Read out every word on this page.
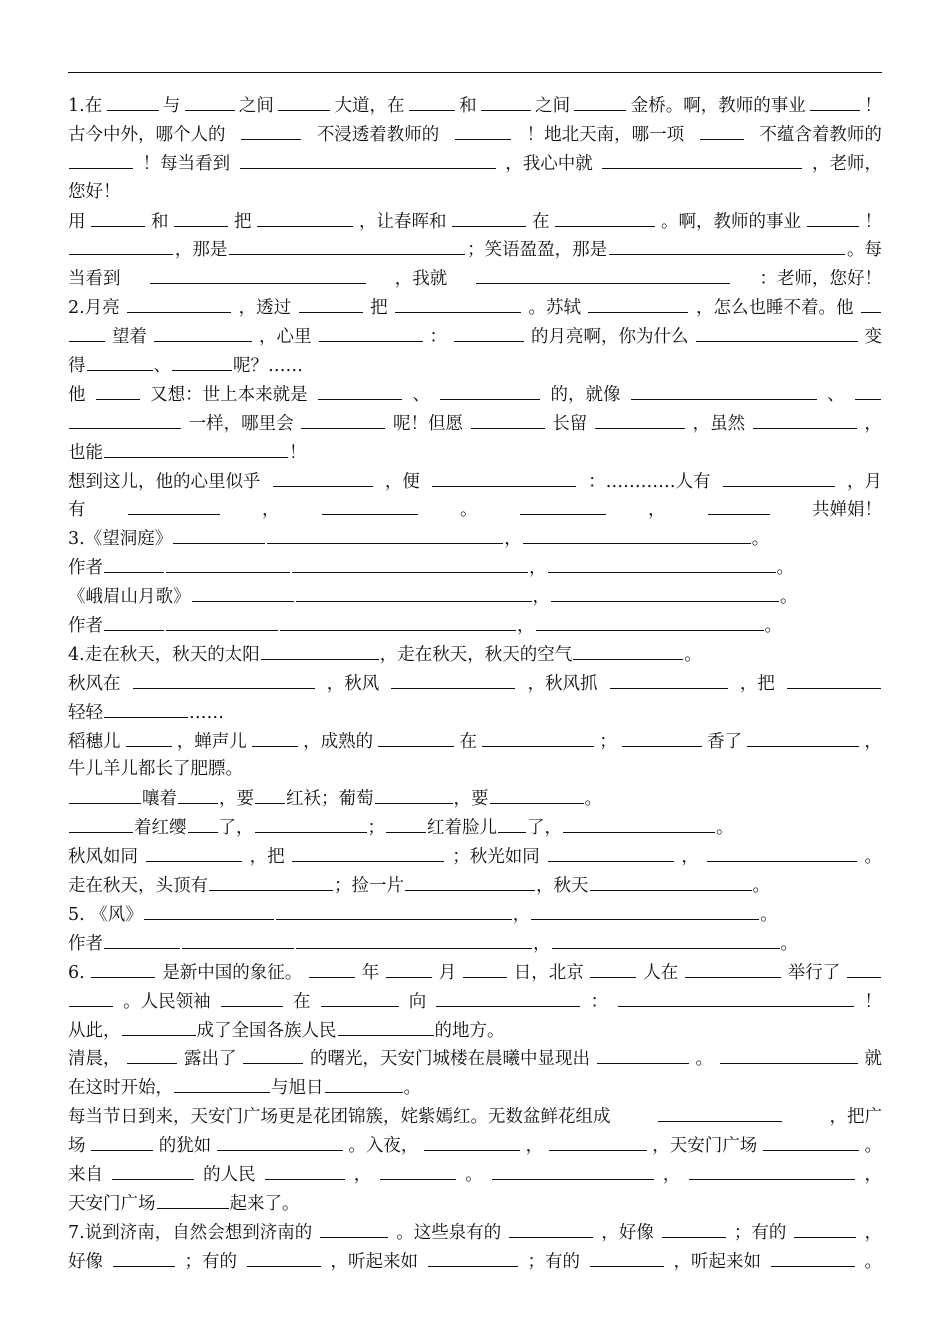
1.在	与	之间	大道，在	和	之间	金桥。啊，教师的事业	！
古今中外，哪个人的	不浸透着教师的	！地北天南，哪一项	不蕴含着教师的
！每当看到	，我心中就	，老师，
您好！
用	和	把	，让春晖和	在	。啊，教师的事业	！
，那是	；笑语盈盈，那是	。每
当看到	，我就	：老师，您好！
2.月亮	，透过	把	。苏轼	，怎么也睡不着。他
望着	，心里	：	的月亮啊，你为什么	变
得	、	呢？……
他	又想：世上本来就是	、	的，就像	、
一样，哪里会	呢！但愿	长留	，虽然	，
也能	！
想到这儿，他的心里似乎	，便	：…………人有	，月
有	，	。	，	共婵娟！
3.《望洞庭》	，	。
作者	，	。
《峨眉山月歌》	，	。
作者	，	。
4.走在秋天，秋天的太阳	，走在秋天，秋天的空气	。
秋风在	，秋风	，秋风抓	，把
轻轻	……
稻穗儿	，蝉声儿	，成熟的	在	；	香了	，
牛儿羊儿都长了肥膘。
嚷着 ，要 红袄；葡萄	，要	。
着红缨 了，	； 红着脸儿 了，	。
秋风如同	，把	；秋光如同	，	。
走在秋天，头顶有	；捡一片	，秋天	。
5. 《风》	，	。
作者	，	。
6.	是新中国的象征。	年	月	日，北京	人在	举行了
。人民领袖	在	向	：	！
从此，	成了全国各族人民	的地方。
清晨，	露出了	的曙光，天安门城楼在晨曦中显现出	。	就
在这时开始，	与旭日	。
每当节日到来，天安门广场更是花团锦簇，姹紫嫣红。无数盆鲜花组成	，把广
场	的犹如	。入夜，	，	，天安门广场	。
来自	的人民	，	。	，	，
天安门广场	起来了。
7.说到济南，自然会想到济南的	。这些泉有的	，好像	；有的	，
好像	；有的	，听起来如	；有的	，听起来如	。
